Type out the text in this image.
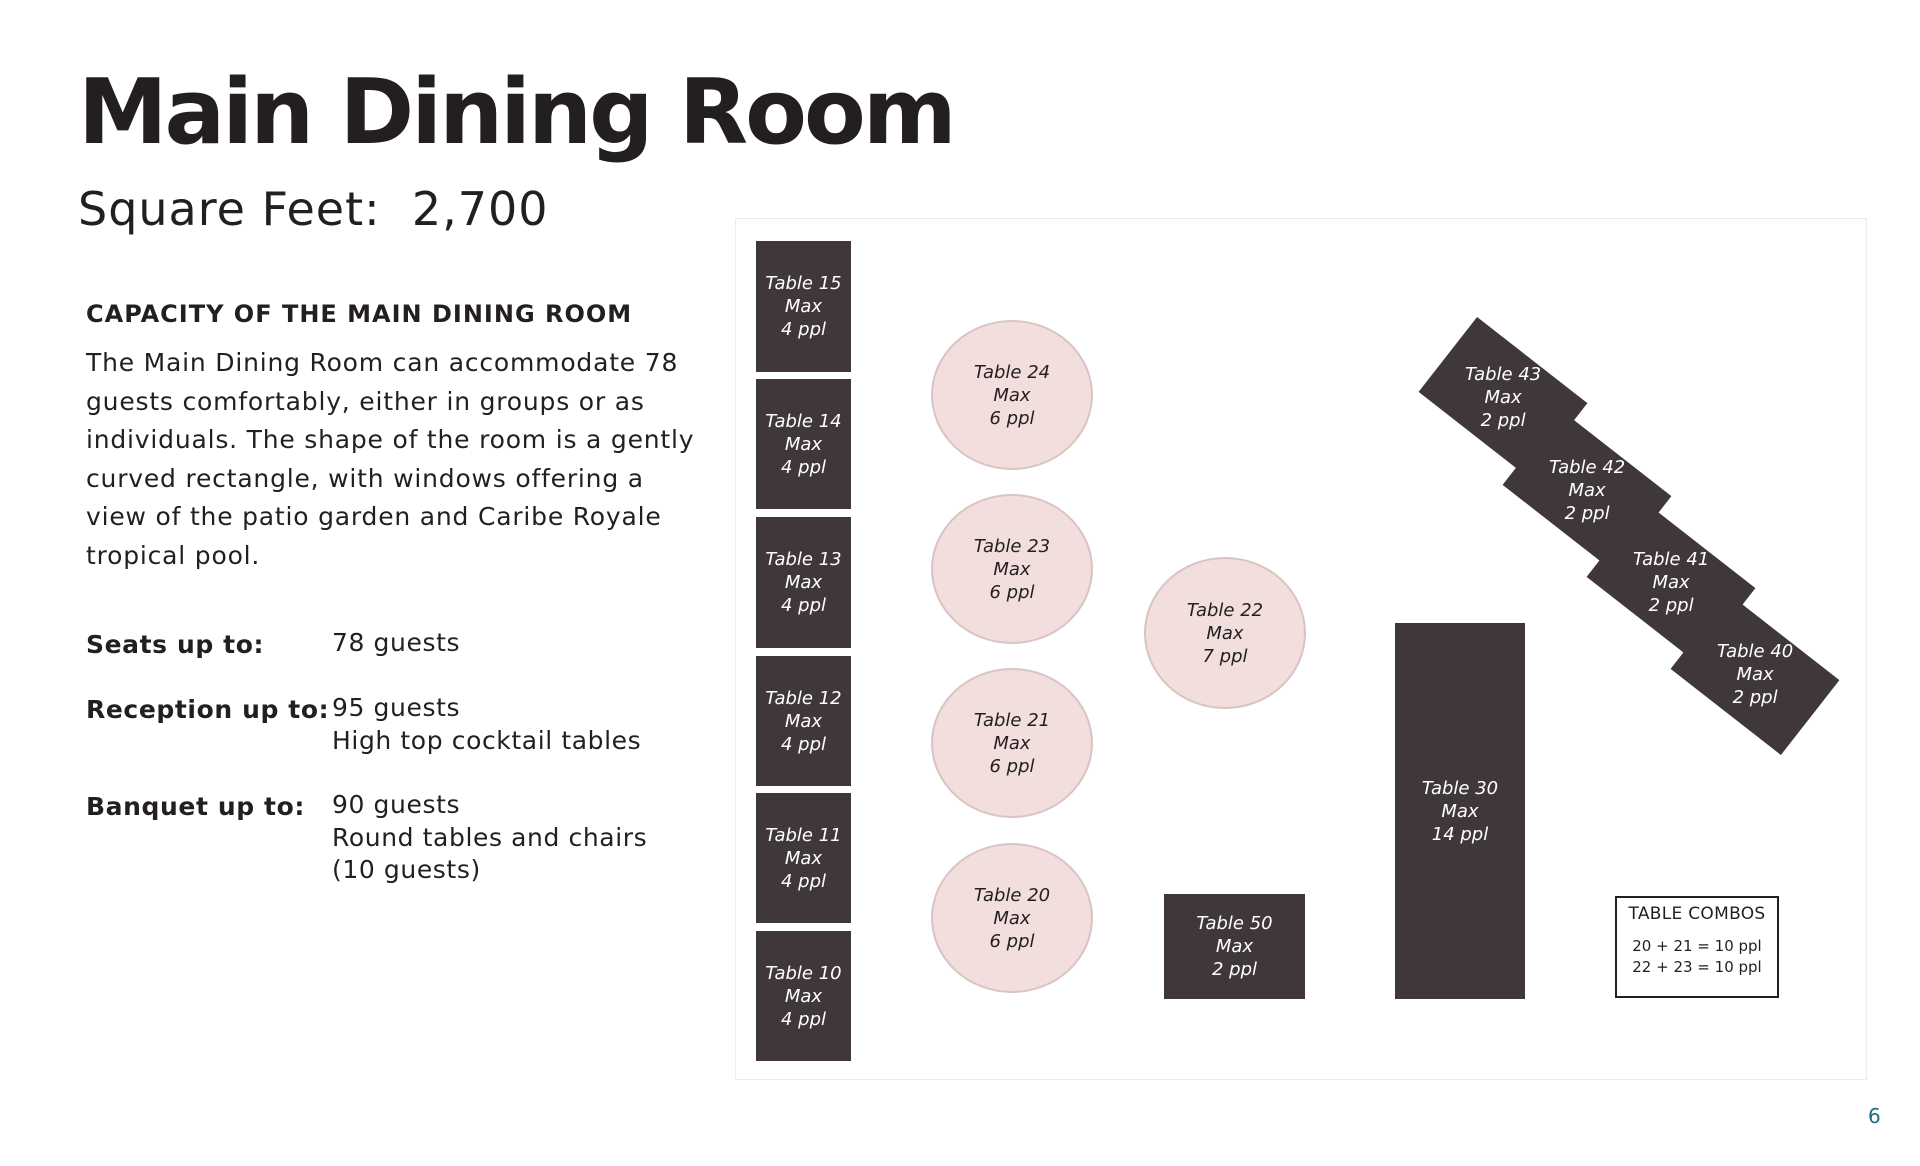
Main Dining Room
Square Feet:  2,700
CAPACITY OF THE MAIN DINING ROOM
The Main Dining Room can accommodate 78 guests comfortably, either in groups or as individuals. The shape of the room is a gently curved rectangle, with windows offering a view of the patio garden and Caribe Royale tropical pool.
Seats up to:	78 guests
Reception up to: 95 guests
High top cocktail tables
Banquet up to: 90 guests
Round tables and chairs
(10 guests)
Table 15
Max
4 ppl
Table 14
Max
4 ppl
Table 13
Max
4 ppl
Table 12
Max
4 ppl
Table 11
Max
4 ppl
Table 10
Max
4 ppl
Table 24
Max
6 ppl
Table 23
Max
6 ppl
Table 21
Max
6 ppl
Table 20
Max
6 ppl
Table 22
Max
7 ppl
Table 50
Max
2 ppl
Table 30
Max
14 ppl
Table 43
Max
2 ppl
Table 42
Max
2 ppl
Table 41
Max
2 ppl
Table 40
Max
2 ppl
TABLE COMBOS
20 + 21 = 10 ppl
22 + 23 = 10 ppl
6
